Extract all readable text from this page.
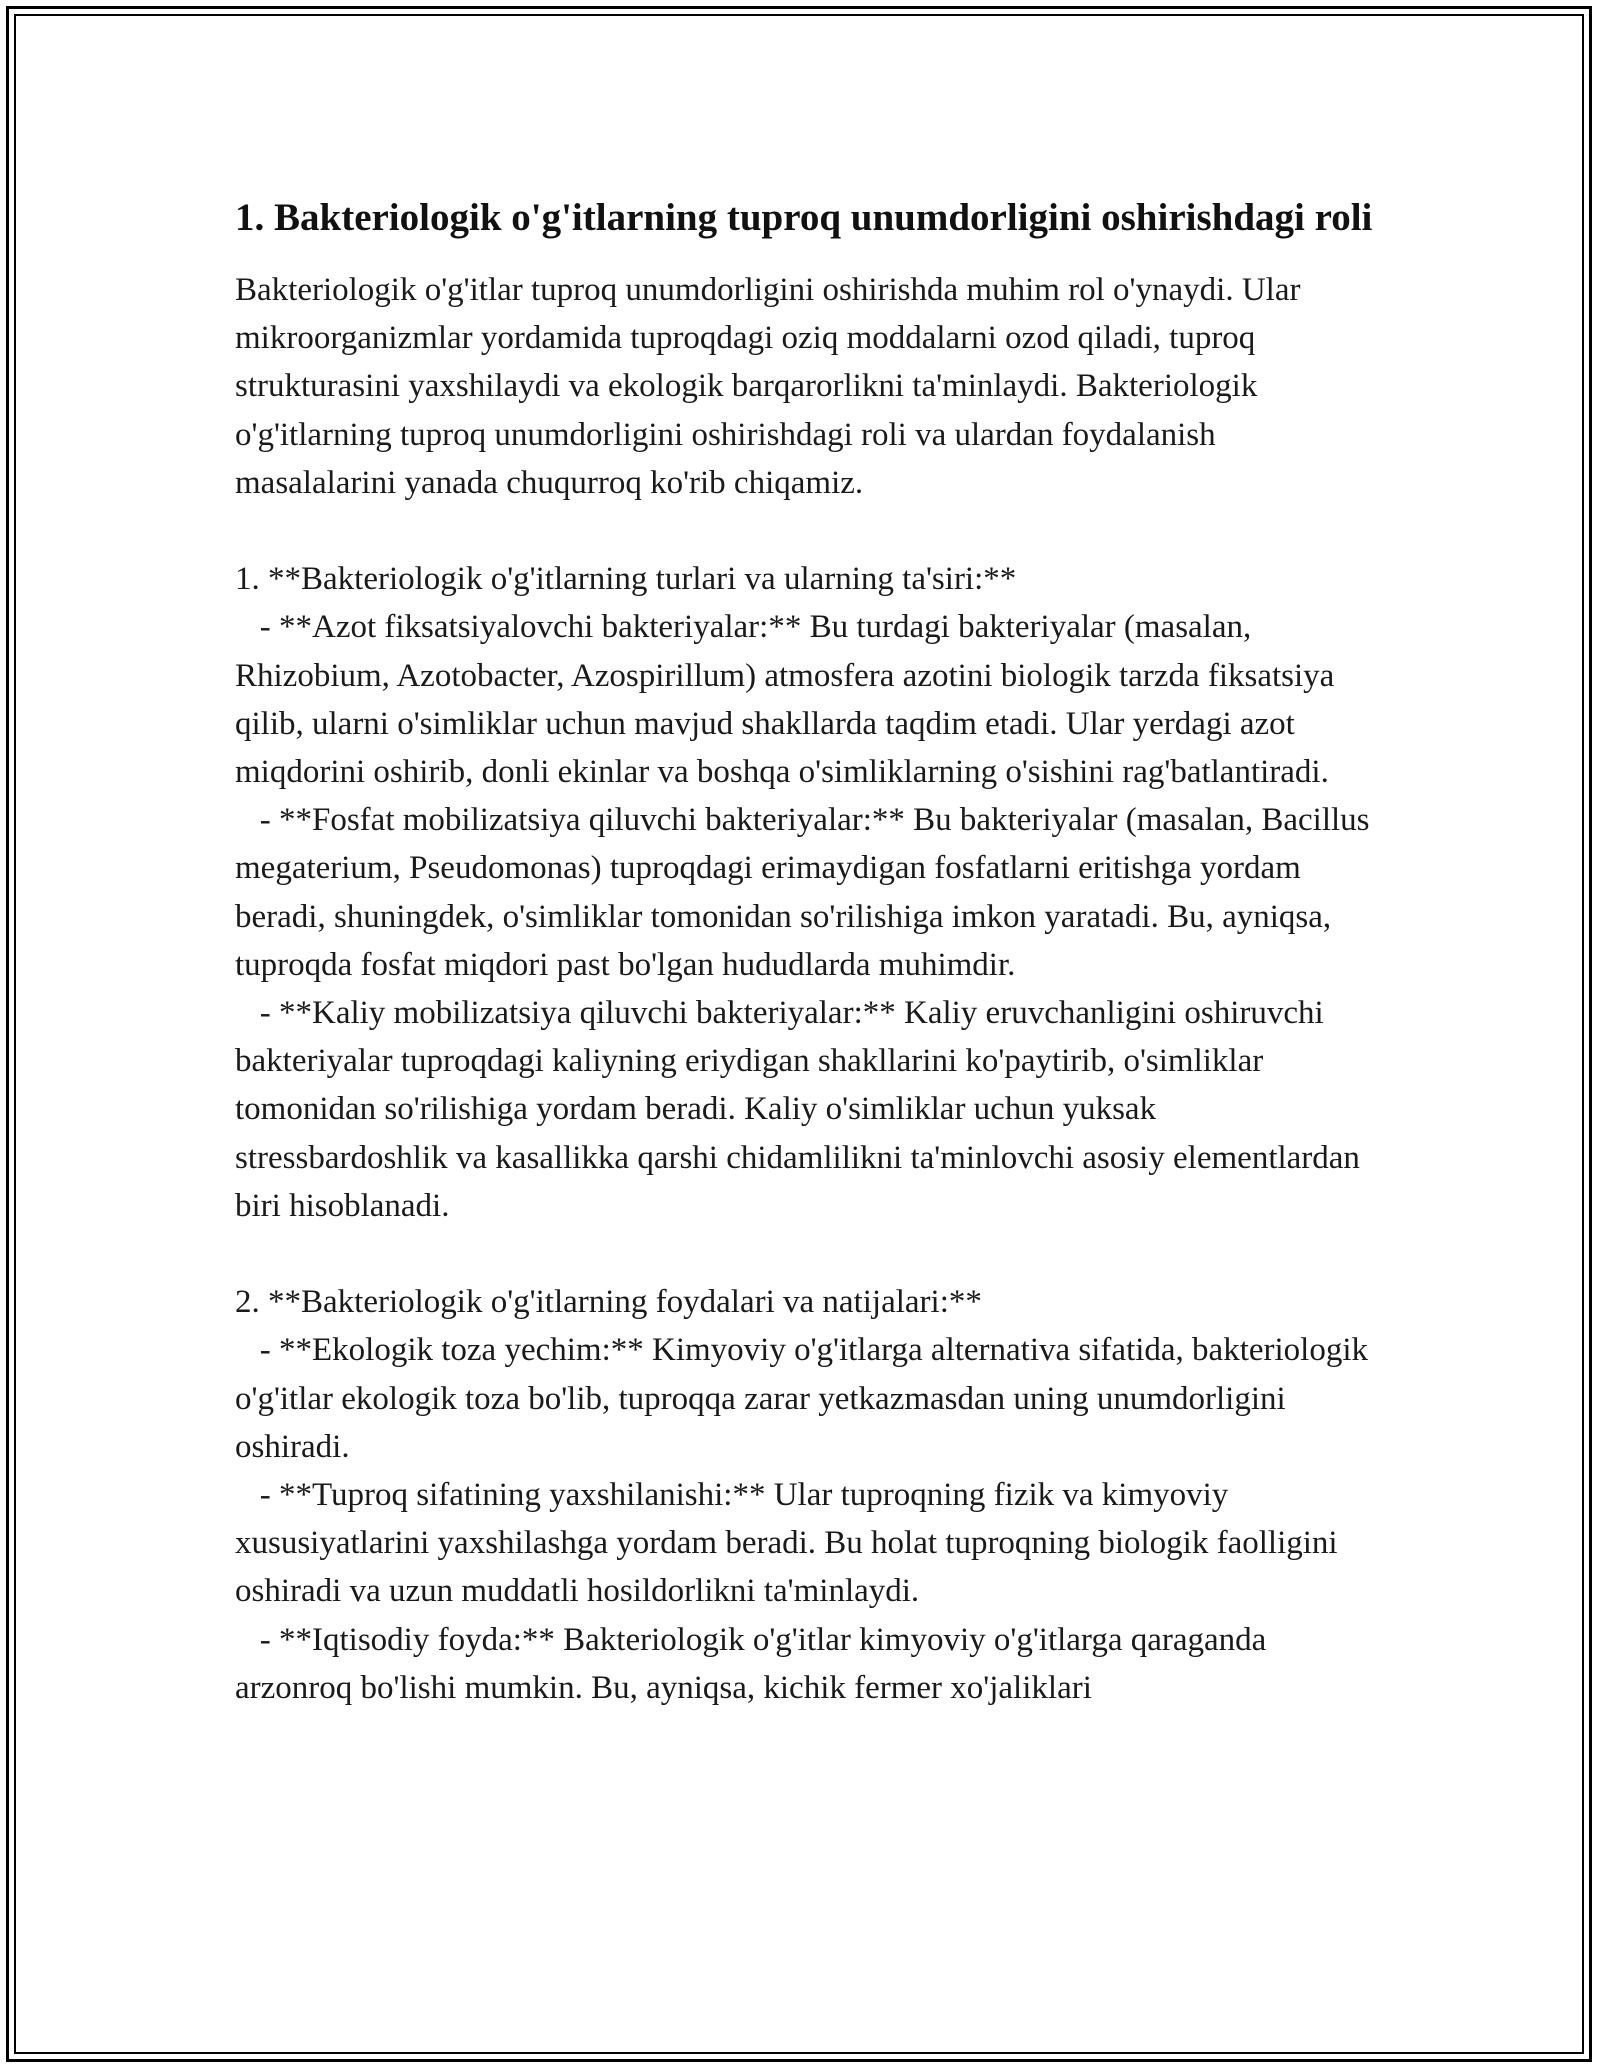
1. Bakteriologik o'g'itlarning tuproq unumdorligini oshirishdagi roli
Bakteriologik o'g'itlar tuproq unumdorligini oshirishda muhim rol o'ynaydi. Ular mikroorganizmlar yordamida tuproqdagi oziq moddalarni ozod qiladi, tuproq strukturasini yaxshilaydi va ekologik barqarorlikni ta'minlaydi. Bakteriologik o'g'itlarning tuproq unumdorligini oshirishdagi roli va ulardan foydalanish masalalarini yanada chuqurroq ko'rib chiqamiz.

1. **Bakteriologik o'g'itlarning turlari va ularning ta'siri:**
- **Azot fiksatsiyalovchi bakteriyalar:** Bu turdagi bakteriyalar (masalan, Rhizobium, Azotobacter, Azospirillum) atmosfera azotini biologik tarzda fiksatsiya qilib, ularni o'simliklar uchun mavjud shakllarda taqdim etadi. Ular yerdagi azot miqdorini oshirib, donli ekinlar va boshqa o'simliklarning o'sishini rag'batlantiradi.
- **Fosfat mobilizatsiya qiluvchi bakteriyalar:** Bu bakteriyalar (masalan, Bacillus megaterium, Pseudomonas) tuproqdagi erimaydigan fosfatlarni eritishga yordam beradi, shuningdek, o'simliklar tomonidan so'rilishiga imkon yaratadi. Bu, ayniqsa, tuproqda fosfat miqdori past bo'lgan hududlarda muhimdir.
- **Kaliy mobilizatsiya qiluvchi bakteriyalar:** Kaliy eruvchanligini oshiruvchi bakteriyalar tuproqdagi kaliyning eriydigan shakllarini ko'paytirib, o'simliklar tomonidan so'rilishiga yordam beradi. Kaliy o'simliklar uchun yuksak stressbardoshlik va kasallikka qarshi chidamlilikni ta'minlovchi asosiy elementlardan biri hisoblanadi.

2. **Bakteriologik o'g'itlarning foydalari va natijalari:**
- **Ekologik toza yechim:** Kimyoviy o'g'itlarga alternativa sifatida, bakteriologik o'g'itlar ekologik toza bo'lib, tuproqqa zarar yetkazmasdan uning unumdorligini oshiradi.
- **Tuproq sifatining yaxshilanishi:** Ular tuproqning fizik va kimyoviy xususiyatlarini yaxshilashga yordam beradi. Bu holat tuproqning biologik faolligini oshiradi va uzun muddatli hosildorlikni ta'minlaydi.
- **Iqtisodiy foyda:** Bakteriologik o'g'itlar kimyoviy o'g'itlarga qaraganda arzonroq bo'lishi mumkin. Bu, ayniqsa, kichik fermer xo'jaliklari
